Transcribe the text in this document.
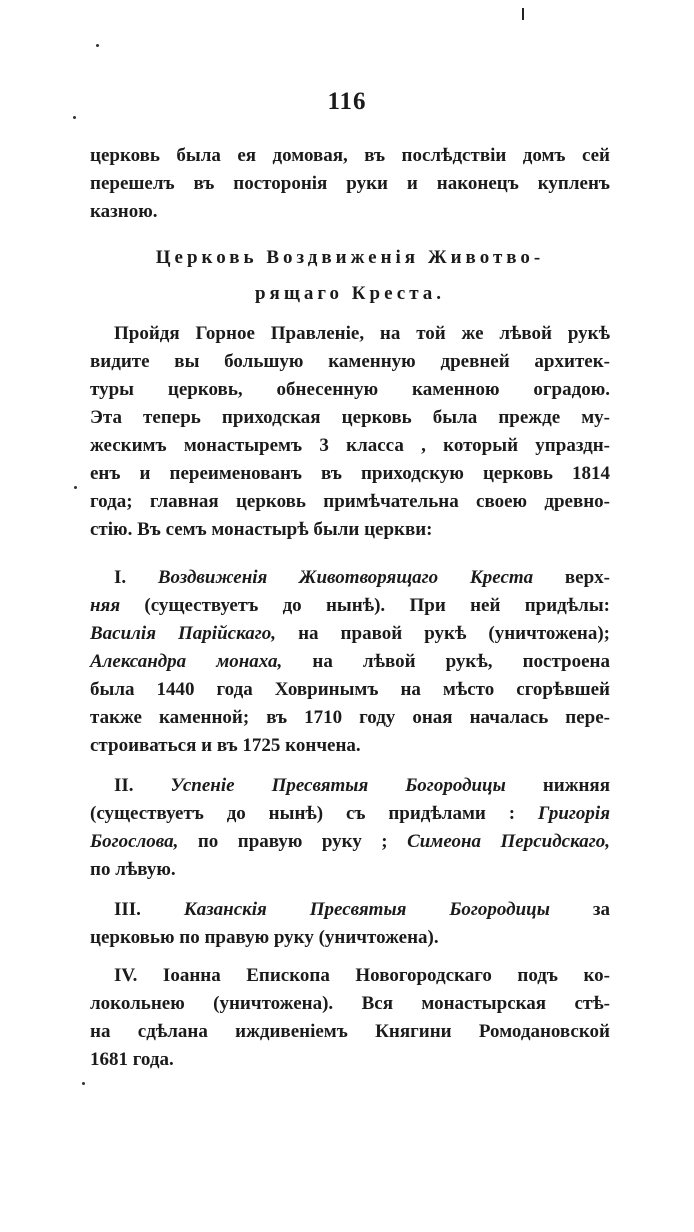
116
церковь была ея домовая, въ послѣдствіи домъ сей
перешелъ въ посторонія руки и наконецъ купленъ
казною.
Церковь Воздвиженія Животво-
рящаго Креста.
Пройдя Горное Правленіе, на той же лѣвой рукѣ
видите вы большую каменную древней архитек-
туры церковь, обнесенную каменною оградою.
Эта теперь приходская церковь была прежде му-
жескимъ монастыремъ 3 класса , который упраздн-
енъ и переименованъ въ приходскую церковь 1814
года; главная церковь примѣчательна своею древно-
стію. Въ семъ монастырѣ были церкви:
I. Воздвиженія Животворящаго Креста верх-
няя (существуетъ до нынѣ). При ней придѣлы:
Василія Парійскаго, на правой рукѣ (уничтожена);
Александра монаха, на лѣвой рукѣ, построена
была 1440 года Ховринымъ на мѣсто сгорѣвшей
также каменной; въ 1710 году оная началась пере-
строиваться и въ 1725 кончена.
II. Успеніе Пресвятыя Богородицы нижняя
(существуетъ до нынѣ) съ придѣлами : Григорія
Богослова, по правую руку ; Симеона Персидскаго,
по лѣвую.
III. Казанскія Пресвятыя Богородицы за
церковью по правую руку (уничтожена).
IV. Іоанна Епископа Новогородскаго подъ ко-
локольнею (уничтожена). Вся монастырская стѣ-
на сдѣлана иждивеніемъ Княгини Ромодановской
1681 года.
